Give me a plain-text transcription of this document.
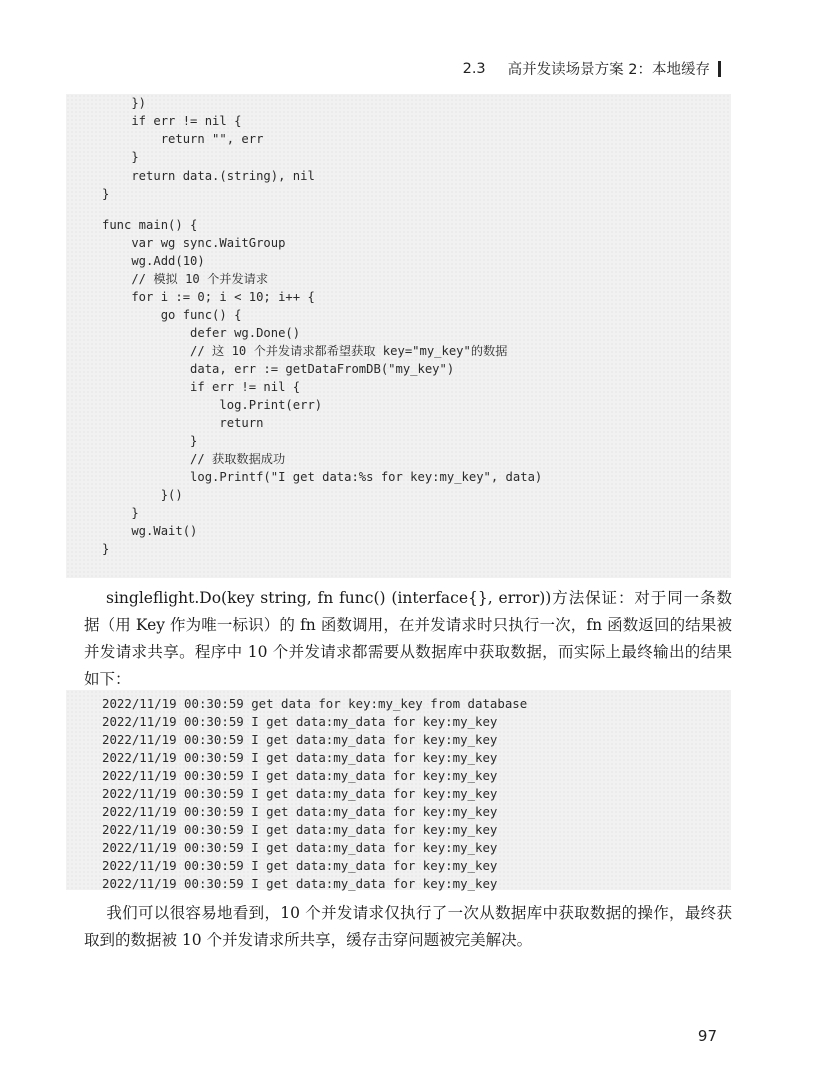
2.3 高并发读场景方案 2：本地缓存
})
if err != nil {
return "", err
}
return data.(string), nil
}
func main() {
var wg sync.WaitGroup
wg.Add(10)
// 模拟 10 个并发请求
for i := 0; i < 10; i++ {
go func() {
defer wg.Done()
// 这 10 个并发请求都希望获取 key="my_key"的数据
data, err := getDataFromDB("my_key")
if err != nil {
log.Print(err)
return
}
// 获取数据成功
log.Printf("I get data:%s for key:my_key", data)
}()
}
wg.Wait()
}
singleflight.Do(key string, fn func() (interface{}, error))方法保证：对于同一条数据（用 Key 作为唯一标识）的 fn 函数调用，在并发请求时只执行一次，fn 函数返回的结果被并发请求共享。程序中 10 个并发请求都需要从数据库中获取数据，而实际上最终输出的结果如下：
2022/11/19 00:30:59 get data for key:my_key from database
2022/11/19 00:30:59 I get data:my_data for key:my_key
2022/11/19 00:30:59 I get data:my_data for key:my_key
2022/11/19 00:30:59 I get data:my_data for key:my_key
2022/11/19 00:30:59 I get data:my_data for key:my_key
2022/11/19 00:30:59 I get data:my_data for key:my_key
2022/11/19 00:30:59 I get data:my_data for key:my_key
2022/11/19 00:30:59 I get data:my_data for key:my_key
2022/11/19 00:30:59 I get data:my_data for key:my_key
2022/11/19 00:30:59 I get data:my_data for key:my_key
2022/11/19 00:30:59 I get data:my_data for key:my_key
我们可以很容易地看到，10 个并发请求仅执行了一次从数据库中获取数据的操作，最终获取到的数据被 10 个并发请求所共享，缓存击穿问题被完美解决。
97
